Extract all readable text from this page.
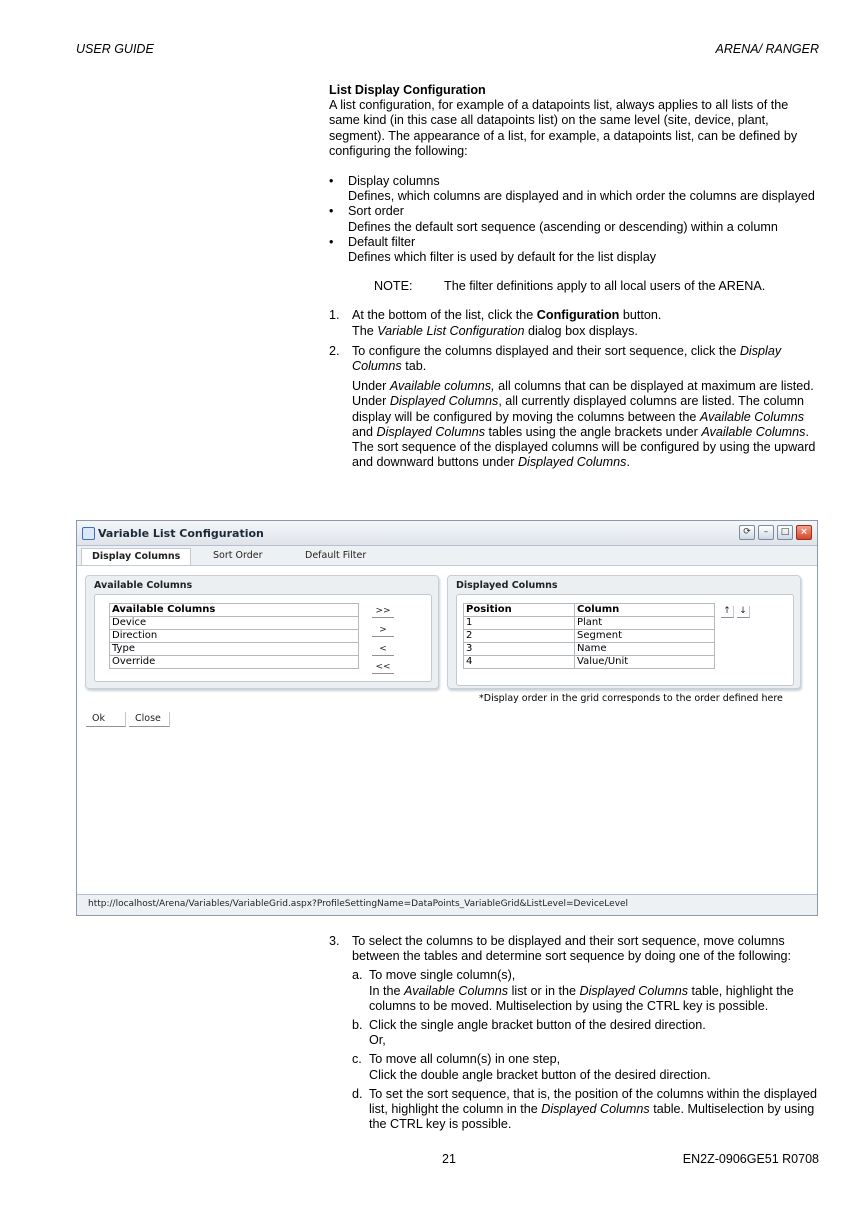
USER GUIDE	ARENA/ RANGER

List Display Configuration

A list configuration, for example of a datapoints list, always applies to all lists of the same kind (in this case all datapoints list) on the same level (site, device, plant, segment). The appearance of a list, for example, a datapoints list, can be defined by configuring the following:

• Display columns

Defines, which columns are displayed and in which order the columns are displayed

• Sort order

Defines the default sort sequence (ascending or descending) within a column

• Default filter

Defines which filter is used by default for the list display

NOTE:	The filter definitions apply to all local users of the ARENA.
1. At the bottom of the list, click the Configuration button.

The Variable List Configuration dialog box displays.

2. To configure the columns displayed and their sort sequence, click the Display Columns tab.

Under Available columns, all columns that can be displayed at maximum are listed. Under Displayed Columns, all currently displayed columns are listed. The column display will be configured by moving the columns between the Available Columns and Displayed Columns tables using the angle brackets under Available Columns. The sort sequence of the displayed columns will be configured by using the upward and downward buttons under Displayed Columns.

Variable List Configuration	⟳	–	□	×
Display Columns	Sort Order	Default Filter
Available Columns
Available Columns
Device
Direction
Type
Override
>>
>
<
<<
Displayed Columns
Position	Column
1	Plant
2	Segment
3	Name
4	Value/Unit
↑ ↓
*Display order in the grid corresponds to the order defined here
Ok	Close
http://localhost/Arena/Variables/VariableGrid.aspx?ProfileSettingName=DataPoints_VariableGrid&ListLevel=DeviceLevel
3. To select the columns to be displayed and their sort sequence, move columns between the tables and determine sort sequence by doing one of the following:

a. To move single column(s),

In the Available Columns list or in the Displayed Columns table, highlight the columns to be moved. Multiselection by using the CTRL key is possible.

b. Click the single angle bracket button of the desired direction.

Or,

c. To move all column(s) in one step,

Click the double angle bracket button of the desired direction.

d. To set the sort sequence, that is, the position of the columns within the displayed list, highlight the column in the Displayed Columns table. Multiselection by using the CTRL key is possible.

21	EN2Z-0906GE51 R0708
